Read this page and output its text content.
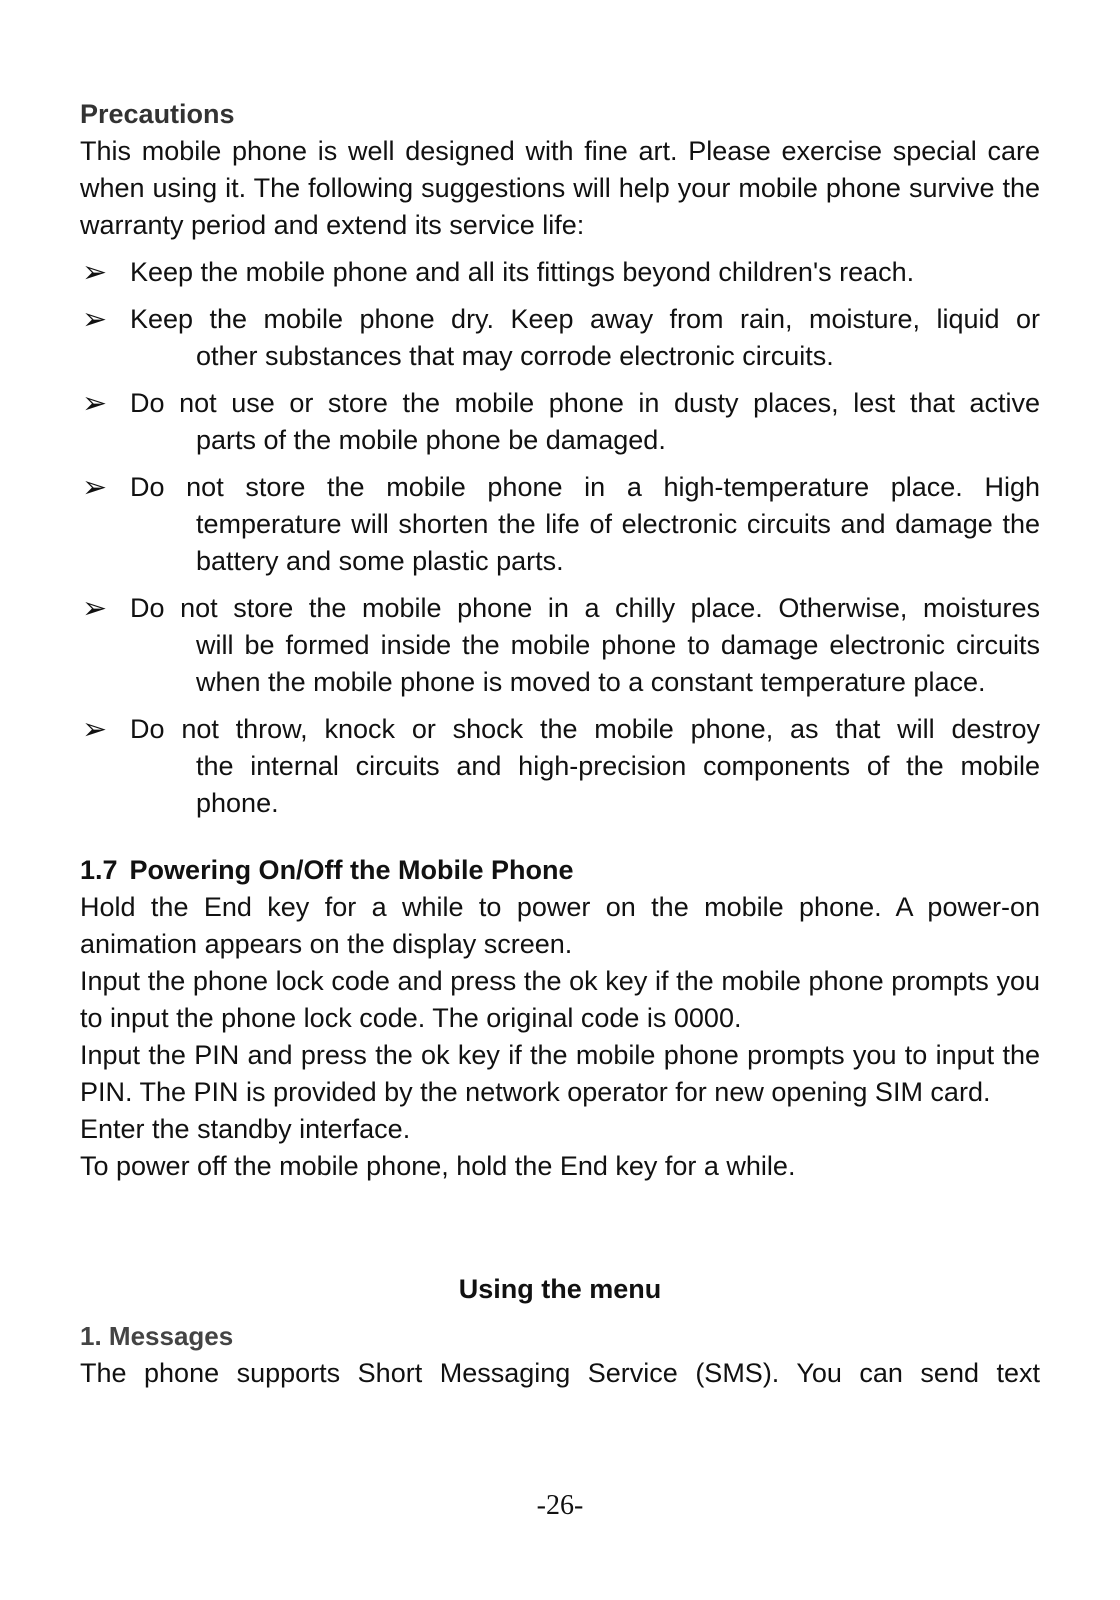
Precautions

This mobile phone is well designed with fine art. Please exercise special care when using it. The following suggestions will help your mobile phone survive the warranty period and extend its service life:

➢ Keep the mobile phone and all its fittings beyond children's reach.
➢ Keep the mobile phone dry. Keep away from rain, moisture, liquid or
other substances that may corrode electronic circuits.
➢ Do not use or store the mobile phone in dusty places, lest that active
parts of the mobile phone be damaged.
➢ Do not store the mobile phone in a high-temperature place. High
temperature will shorten the life of electronic circuits and damage the battery and some plastic parts.
➢ Do not store the mobile phone in a chilly place. Otherwise, moistures
will be formed inside the mobile phone to damage electronic circuits when the mobile phone is moved to a constant temperature place.
➢ Do not throw, knock or shock the mobile phone, as that will destroy
the internal circuits and high-precision components of the mobile phone.
1.7 Powering On/Off the Mobile Phone

Hold the End key for a while to power on the mobile phone. A power-on animation appears on the display screen.

Input the phone lock code and press the ok key if the mobile phone prompts you to input the phone lock code. The original code is 0000.

Input the PIN and press the ok key if the mobile phone prompts you to input the PIN. The PIN is provided by the network operator for new opening SIM card.

Enter the standby interface.

To power off the mobile phone, hold the End key for a while.

Using the menu
1. Messages

The phone supports Short Messaging Service (SMS). You can send text

-26-
